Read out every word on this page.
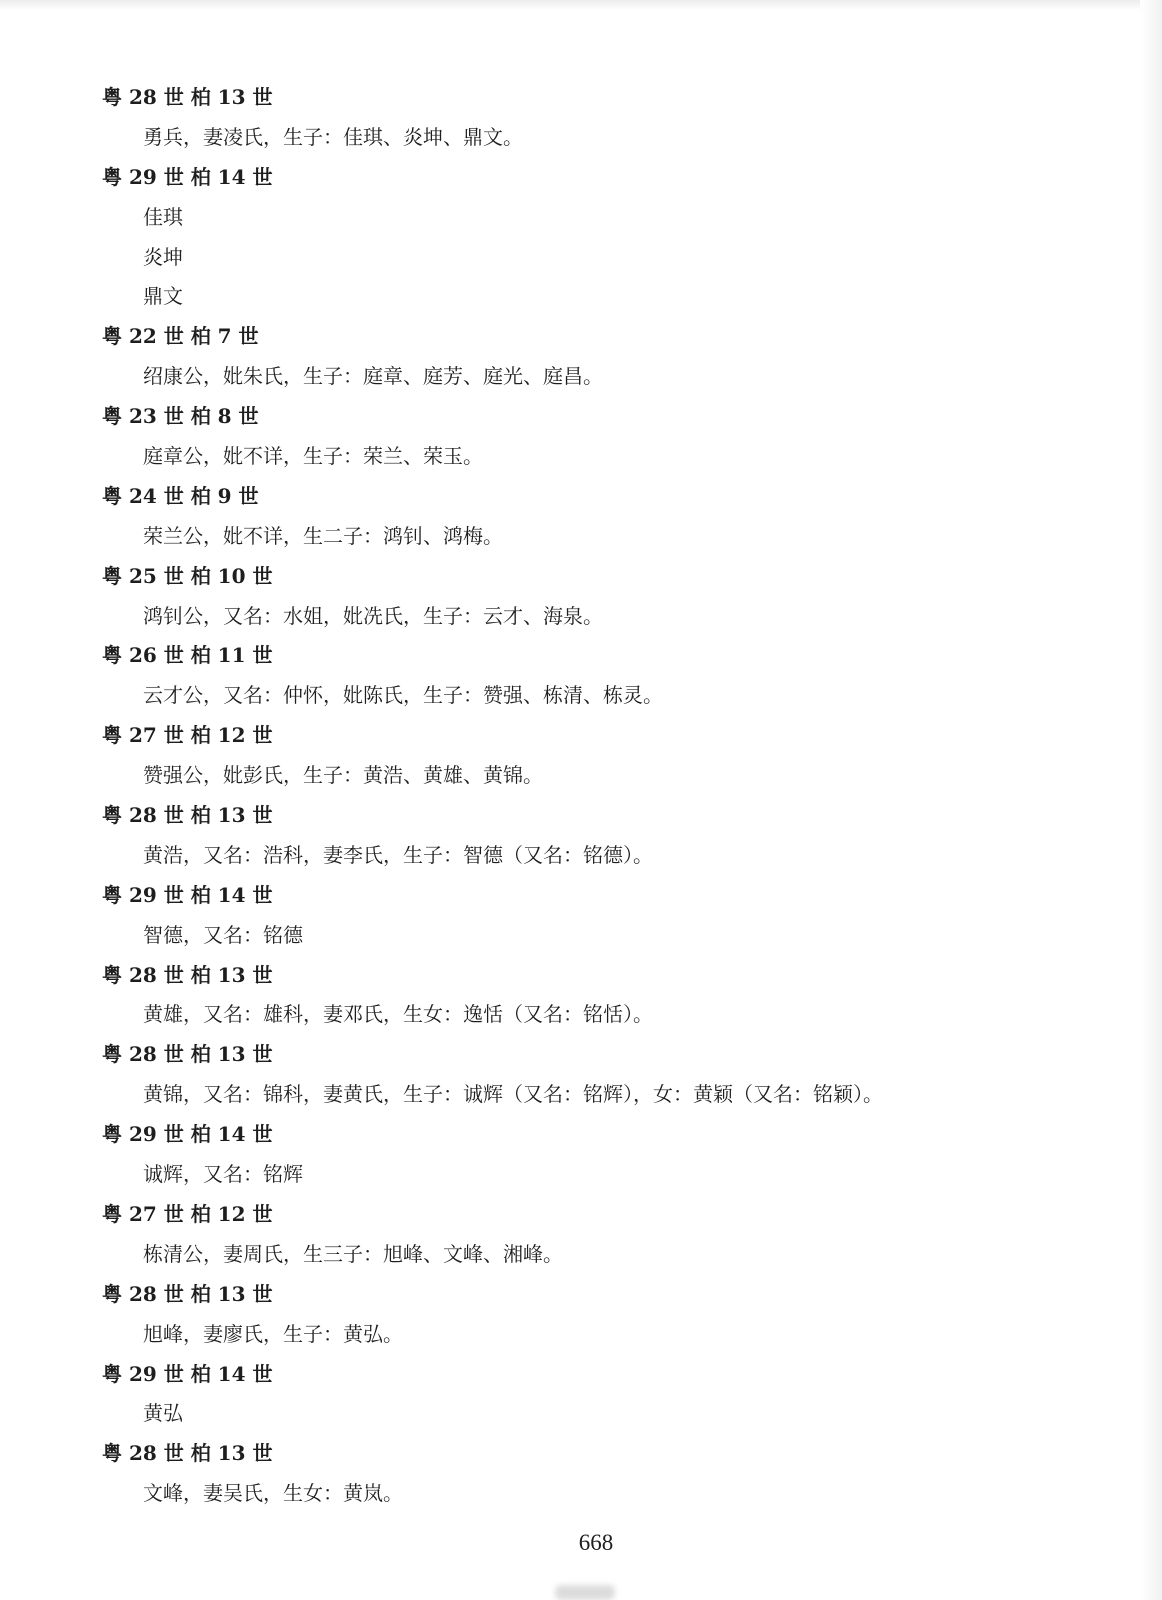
粤 28 世 柏 13 世
勇兵，妻凌氏，生子：佳琪、炎坤、鼎文。
粤 29 世 柏 14 世
佳琪
炎坤
鼎文
粤 22 世 柏 7 世
绍康公，妣朱氏，生子：庭章、庭芳、庭光、庭昌。
粤 23 世 柏 8 世
庭章公，妣不详，生子：荣兰、荣玉。
粤 24 世 柏 9 世
荣兰公，妣不详，生二子：鸿钊、鸿梅。
粤 25 世 柏 10 世
鸿钊公，又名：水姐，妣冼氏，生子：云才、海泉。
粤 26 世 柏 11 世
云才公，又名：仲怀，妣陈氏，生子：赞强、栋清、栋灵。
粤 27 世 柏 12 世
赞强公，妣彭氏，生子：黄浩、黄雄、黄锦。
粤 28 世 柏 13 世
黄浩，又名：浩科，妻李氏，生子：智德（又名：铭德）。
粤 29 世 柏 14 世
智德，又名：铭德
粤 28 世 柏 13 世
黄雄，又名：雄科，妻邓氏，生女：逸恬（又名：铭恬）。
粤 28 世 柏 13 世
黄锦，又名：锦科，妻黄氏，生子：诚辉（又名：铭辉），女：黄颖（又名：铭颖）。
粤 29 世 柏 14 世
诚辉，又名：铭辉
粤 27 世 柏 12 世
栋清公，妻周氏，生三子：旭峰、文峰、湘峰。
粤 28 世 柏 13 世
旭峰，妻廖氏，生子：黄弘。
粤 29 世 柏 14 世
黄弘
粤 28 世 柏 13 世
文峰，妻吴氏，生女：黄岚。
668
